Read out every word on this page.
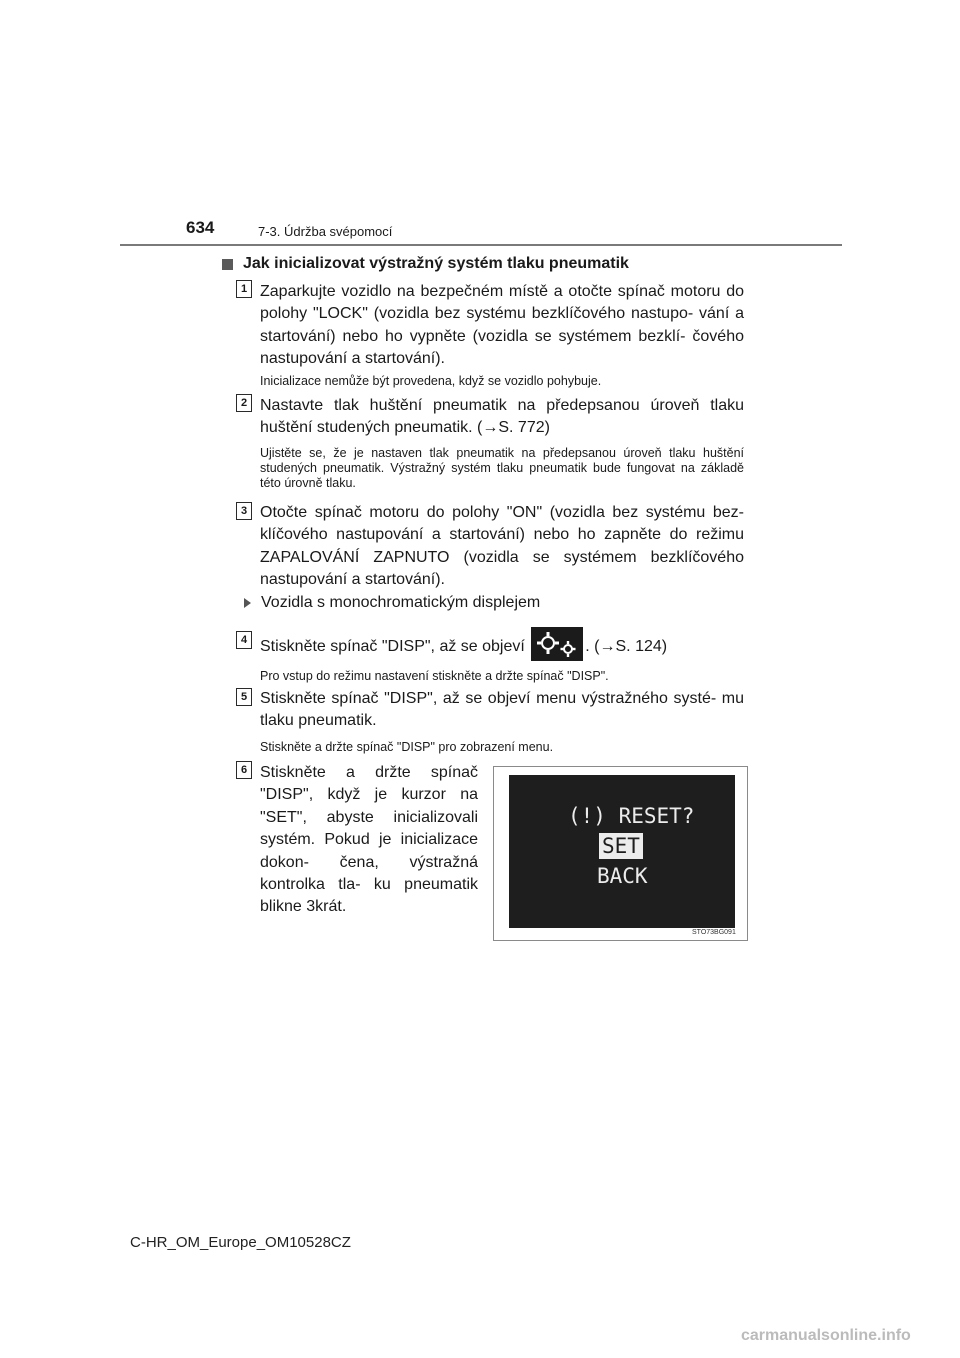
634	7-3. Údržba svépomocí
Jak inicializovat výstražný systém tlaku pneumatik
1 Zaparkujte vozidlo na bezpečném místě a otočte spínač motoru do polohy "LOCK" (vozidla bez systému bezklíčového nastupo- vání a startování) nebo ho vypněte (vozidla se systémem bezklí- čového nastupování a startování).
Inicializace nemůže být provedena, když se vozidlo pohybuje.
2 Nastavte tlak huštění pneumatik na předepsanou úroveň tlaku huštění studených pneumatik. (→S. 772)
Ujistěte se, že je nastaven tlak pneumatik na předepsanou úroveň tlaku huštění studených pneumatik. Výstražný systém tlaku pneumatik bude fungovat na základě této úrovně tlaku.
3 Otočte spínač motoru do polohy "ON" (vozidla bez systému bez- klíčového nastupování a startování) nebo ho zapněte do režimu ZAPALOVÁNÍ ZAPNUTO (vozidla se systémem bezklíčového nastupování a startování).
Vozidla s monochromatickým displejem
4 Stiskněte spínač "DISP", až se objeví	. (→S. 124)
Pro vstup do režimu nastavení stiskněte a držte spínač "DISP".
5 Stiskněte spínač "DISP", až se objeví menu výstražného systé- mu tlaku pneumatik.
Stiskněte a držte spínač "DISP" pro zobrazení menu.
6 Stiskněte a držte spínač "DISP", když je kurzor na "SET", abyste inicializovali systém. Pokud je inicializace dokon- čena, výstražná kontrolka tla- ku pneumatik blikne 3krát.
(!) RESET?
SET
BACK
STO73BG091
C-HR_OM_Europe_OM10528CZ
carmanualsonline.info
